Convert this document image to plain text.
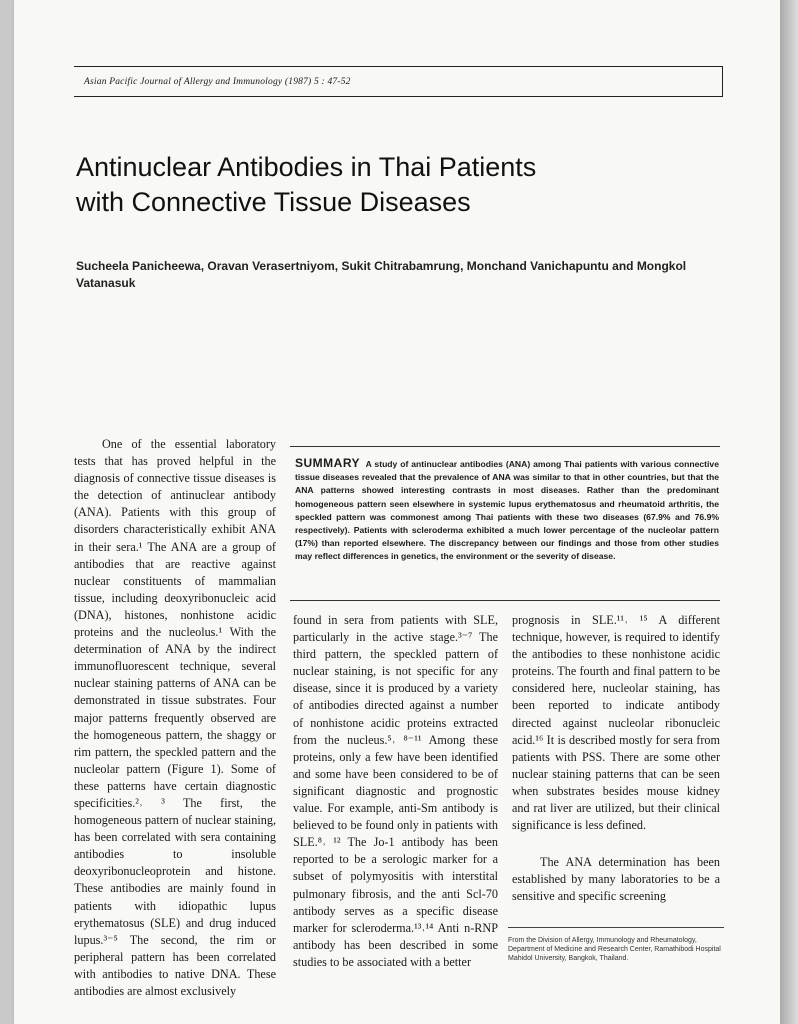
Asian Pacific Journal of Allergy and Immunology (1987) 5 : 47-52
Antinuclear Antibodies in Thai Patients
with Connective Tissue Diseases

Sucheela Panicheewa, Oravan Verasertniyom, Sukit Chitrabamrung, Monchand Vanichapuntu and Mongkol Vatanasuk

SUMMARY A study of antinuclear antibodies (ANA) among Thai patients with various connective tissue diseases revealed that the prevalence of ANA was similar to that in other countries, but that the ANA patterns showed interesting contrasts in most diseases. Rather than the predominant homogeneous pattern seen elsewhere in systemic lupus erythematosus and rheumatoid arthritis, the speckled pattern was commonest among Thai patients with these two diseases (67.9% and 76.9% respectively). Patients with scleroderma exhibited a much lower percentage of the nucleolar pattern (17%) than reported elsewhere. The discrepancy between our findings and those from other studies may reflect differences in genetics, the environment or the severity of disease.

One of the essential laboratory tests that has proved helpful in the diagnosis of connective tissue diseases is the detection of antinuclear antibody (ANA). Patients with this group of disorders characteristically exhibit ANA in their sera.¹ The ANA are a group of antibodies that are reactive against nuclear constituents of mammalian tissue, including deoxyribonucleic acid (DNA), histones, nonhistone acidic proteins and the nucleolus.¹ With the determination of ANA by the indirect immunofluorescent technique, several nuclear staining patterns of ANA can be demonstrated in tissue substrates. Four major patterns frequently observed are the homogeneous pattern, the shaggy or rim pattern, the speckled pattern and the nucleolar pattern (Figure 1). Some of these patterns have certain diagnostic specificities.²˒ ³ The first, the homogeneous pattern of nuclear staining, has been correlated with sera containing antibodies to insoluble deoxyribonucleoprotein and histone. These antibodies are mainly found in patients with idiopathic lupus erythematosus (SLE) and drug induced lupus.³⁻⁵ The second, the rim or peripheral pattern has been correlated with antibodies to native DNA. These antibodies are almost exclusively

found in sera from patients with SLE, particularly in the active stage.³⁻⁷ The third pattern, the speckled pattern of nuclear staining, is not specific for any disease, since it is produced by a variety of antibodies directed against a number of nonhistone acidic proteins extracted from the nucleus.⁵˒ ⁸⁻¹¹ Among these proteins, only a few have been identified and some have been considered to be of significant diagnostic and prognostic value. For example, anti-Sm antibody is believed to be found only in patients with SLE.⁸˒ ¹² The Jo-1 antibody has been reported to be a serologic marker for a subset of polymyositis with interstital pulmonary fibrosis, and the anti Scl-70 antibody serves as a specific disease marker for scleroderma.¹³˒¹⁴ Anti n-RNP antibody has been described in some studies to be associated with a better

prognosis in SLE.¹¹˒ ¹⁵ A different technique, however, is required to identify the antibodies to these nonhistone acidic proteins. The fourth and final pattern to be considered here, nucleolar staining, has been reported to indicate antibody directed against nucleolar ribonucleic acid.¹⁶ It is described mostly for sera from patients with PSS. There are some other nuclear staining patterns that can be seen when substrates besides mouse kidney and rat liver are utilized, but their clinical significance is less defined.

The ANA determination has been established by many laboratories to be a sensitive and specific screening

From the Division of Allergy, Immunology and Rheumatology, Department of Medicine and Research Center, Ramathibodi Hospital Mahidol University, Bangkok, Thailand.
